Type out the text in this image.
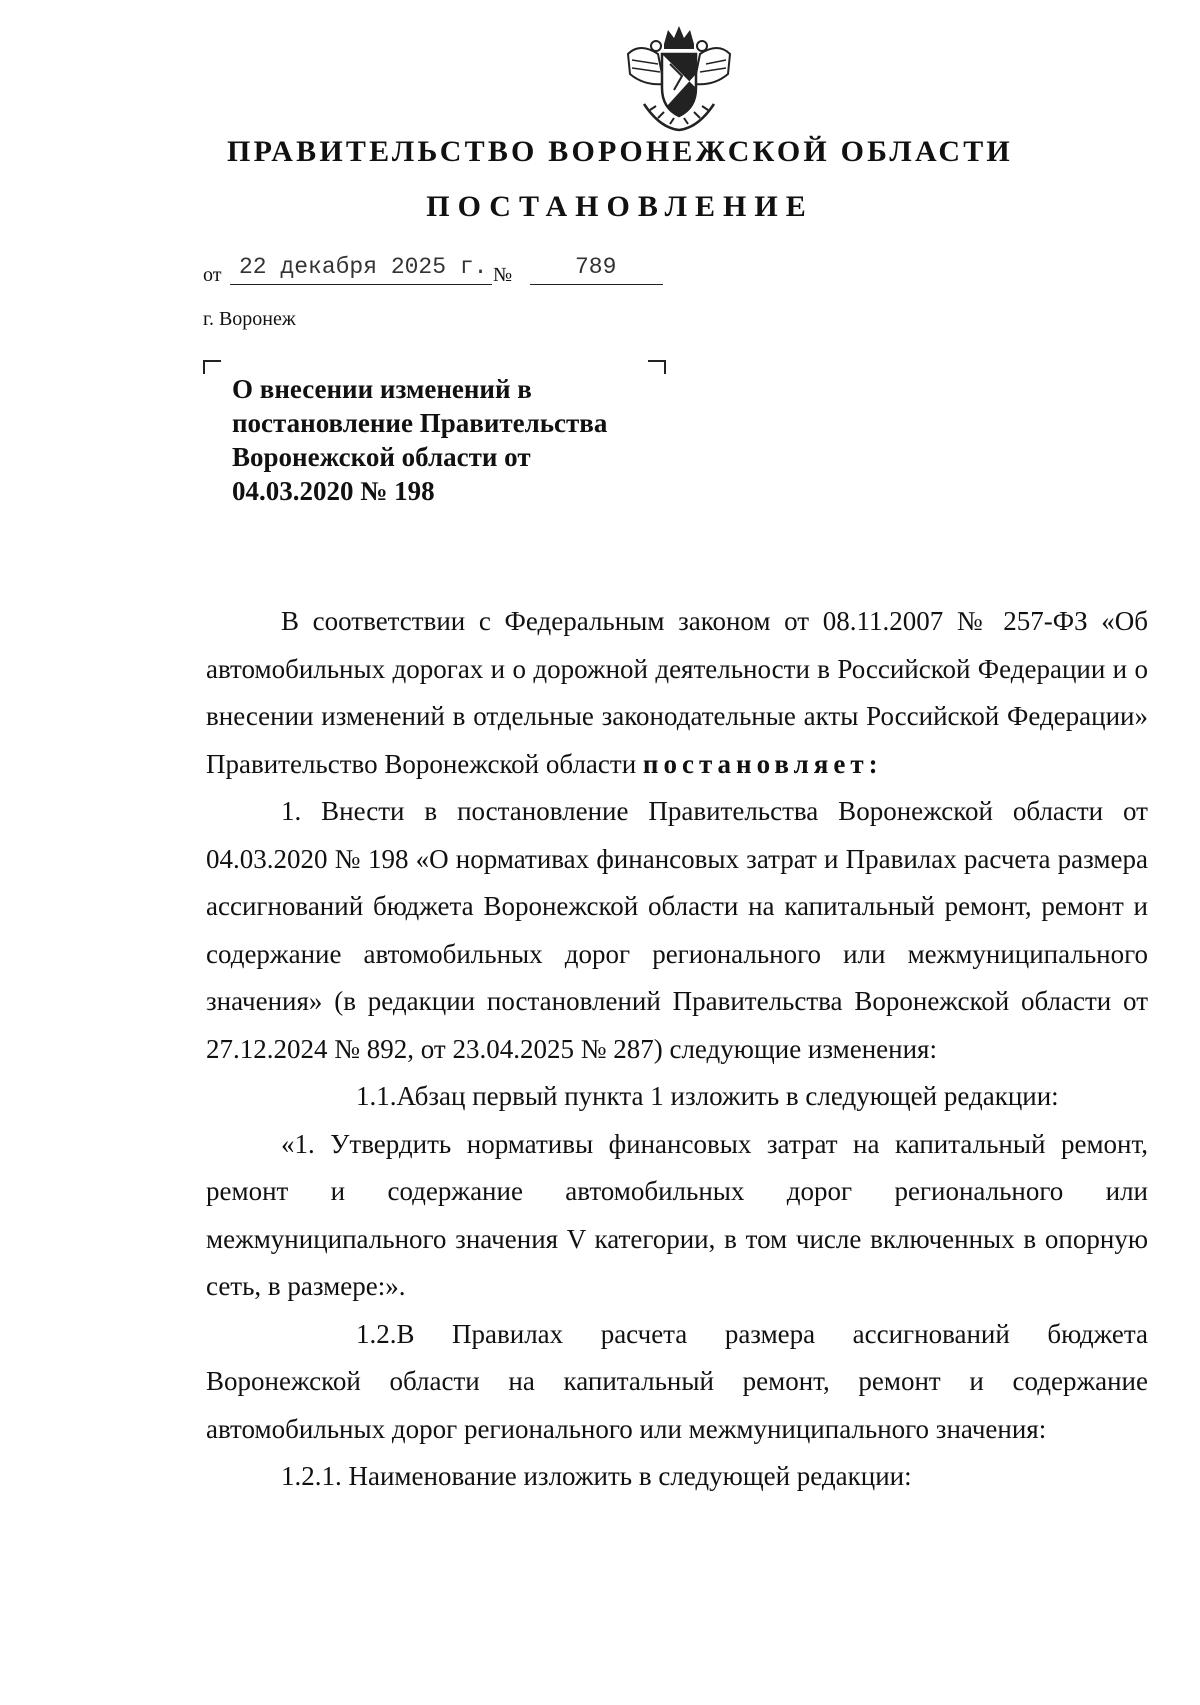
ПРАВИТЕЛЬСТВО ВОРОНЕЖСКОЙ ОБЛАСТИ
ПОСТАНОВЛЕНИЕ
от 22 декабря 2025 г. №	789
г. Воронеж
О внесении изменений в
постановление Правительства
Воронежской области от
04.03.2020 № 198

В соответствии с Федеральным законом от 08.11.2007 № 257-ФЗ «Об автомобильных дорогах и о дорожной деятельности в Российской Федерации и о внесении изменений в отдельные законодательные акты Российской Федерации» Правительство Воронежской области постановляет:

1. Внести в постановление Правительства Воронежской области от 04.03.2020 № 198 «О нормативах финансовых затрат и Правилах расчета размера ассигнований бюджета Воронежской области на капитальный ремонт, ремонт и содержание автомобильных дорог регионального или межмуниципального значения» (в редакции постановлений Правительства Воронежской области от 27.12.2024 № 892, от 23.04.2025 № 287) следующие изменения:

1.1.Абзац первый пункта 1 изложить в следующей редакции:

«1. Утвердить нормативы финансовых затрат на капитальный ремонт, ремонт и содержание автомобильных дорог регионального или межмуниципального значения V категории, в том числе включенных в опорную сеть, в размере:».

1.2.В Правилах расчета размера ассигнований бюджета Воронежской области на капитальный ремонт, ремонт и содержание автомобильных дорог регионального или межмуниципального значения:

1.2.1. Наименование изложить в следующей редакции:
